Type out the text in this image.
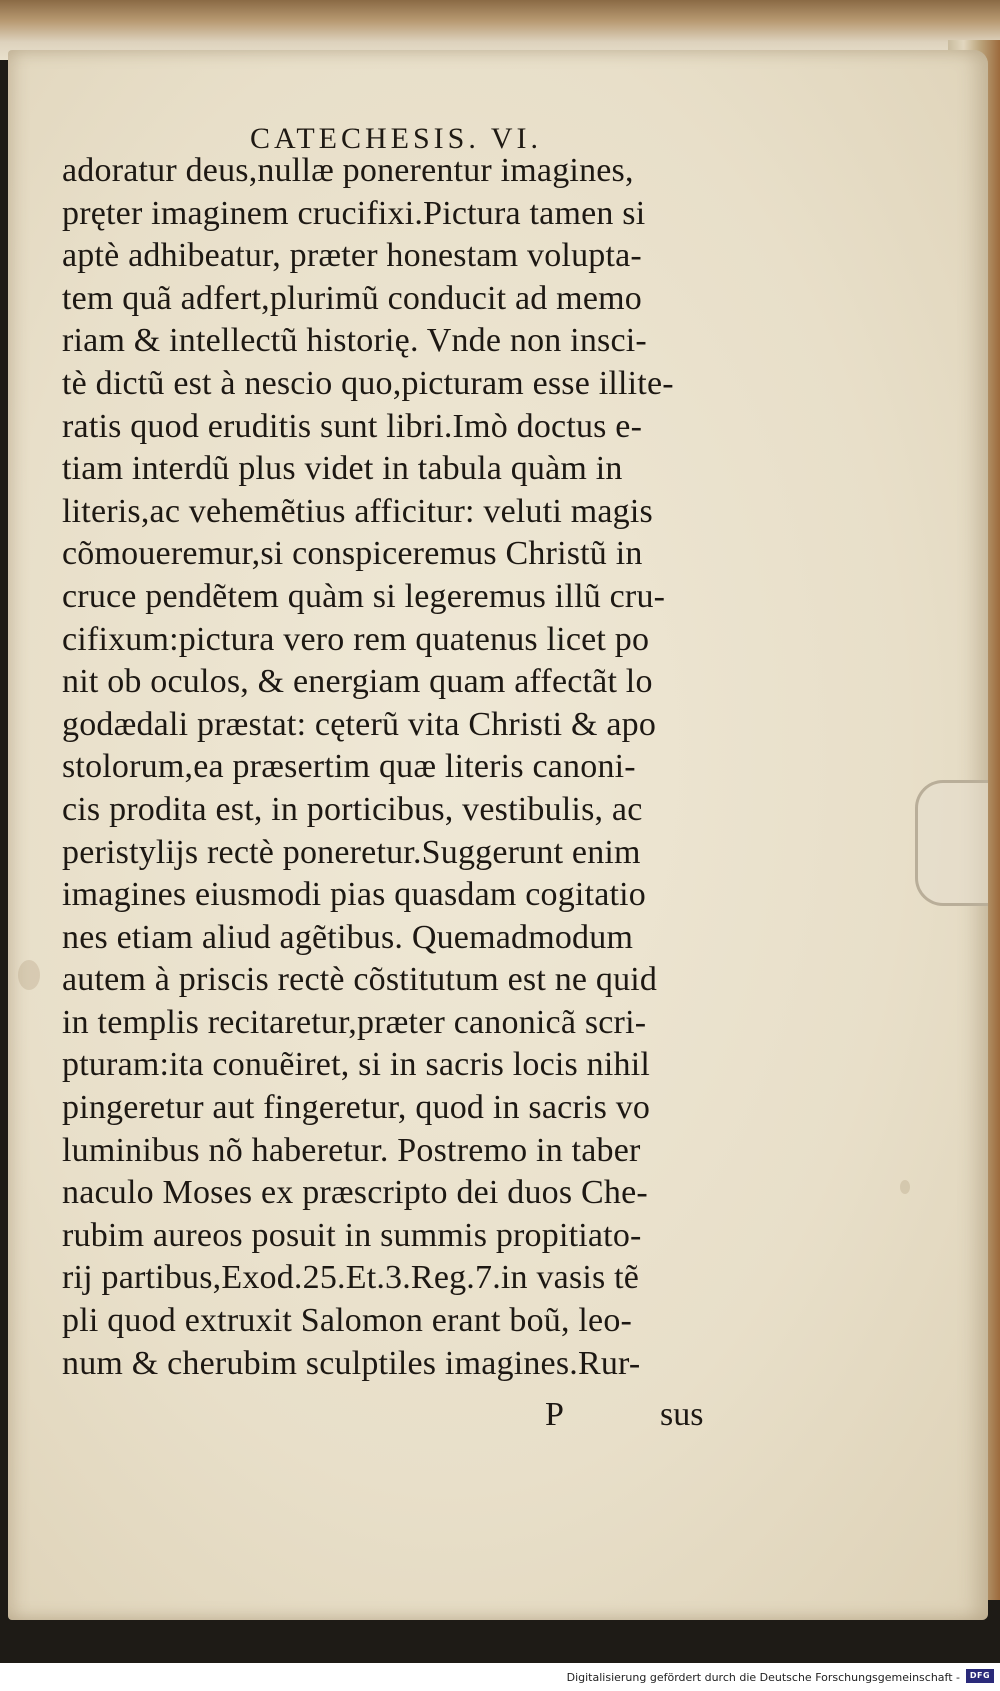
CATECHESIS. VI.
adoratur deus,nullæ ponerentur imagines,
pręter imaginem crucifixi.Pictura tamen si
aptè adhibeatur, præter honestam volupta-
tem quã adfert,plurimũ conducit ad memo
riam & intellectũ historię. Vnde non insci-
tè dictũ est à nescio quo,picturam esse illite-
ratis quod eruditis sunt libri.Imò doctus e-
tiam interdũ plus videt in tabula quàm in
literis,ac vehemẽtius afficitur: veluti magis
cõmoueremur,si conspiceremus Christũ in
cruce pendẽtem quàm si legeremus illũ cru-
cifixum:pictura vero rem quatenus licet po
nit ob oculos, & energiam quam affectãt lo
godædali præstat: cęterũ vita Christi & apo
stolorum,ea præsertim quæ literis canoni-
cis prodita est, in porticibus, vestibulis, ac
peristylijs rectè poneretur.Suggerunt enim
imagines eiusmodi pias quasdam cogitatio
nes etiam aliud agẽtibus. Quemadmodum
autem à priscis rectè cõstitutum est ne quid
in templis recitaretur,præter canonicã scri-
pturam:ita conuẽiret, si in sacris locis nihil
pingeretur aut fingeretur, quod in sacris vo
luminibus nõ haberetur. Postremo in taber
naculo Moses ex præscripto dei duos Che-
rubim aureos posuit in summis propitiato-
rij partibus,Exod.25.Et.3.Reg.7.in vasis tẽ
pli quod extruxit Salomon erant boũ, leo-
num & cherubim sculptiles imagines.Rur-
P	sus
Digitalisierung gefördert durch die Deutsche Forschungsgemeinschaft -	DFG
